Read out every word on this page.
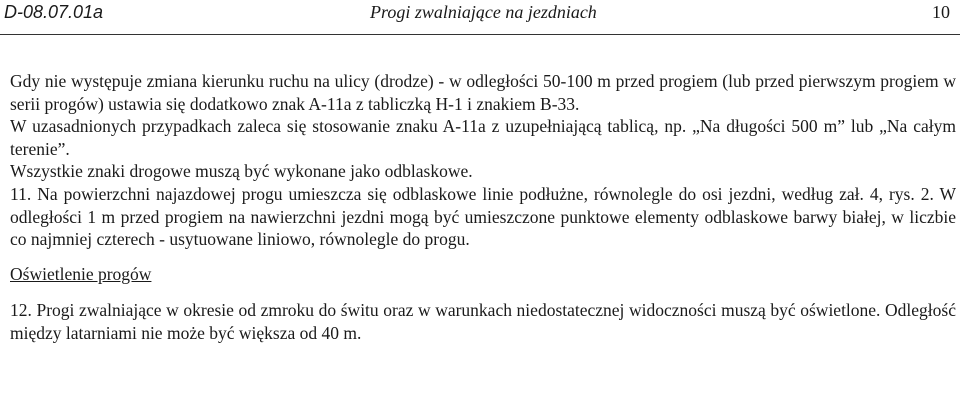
D-08.07.01a	Progi zwalniające na jezdniach	10

Gdy nie występuje zmiana kierunku ruchu na ulicy (drodze) - w odległości 50-100 m przed progiem (lub przed pierwszym progiem w serii progów) ustawia się dodatkowo znak A-11a z tabliczką H-1 i znakiem B-33.

W uzasadnionych przypadkach zaleca się stosowanie znaku A-11a z uzupełniającą tablicą, np. „Na długości 500 m” lub „Na całym terenie”.

Wszystkie znaki drogowe muszą być wykonane jako odblaskowe.

11. Na powierzchni najazdowej progu umieszcza się odblaskowe linie podłużne, równolegle do osi jezdni, według zał. 4, rys. 2. W odległości 1 m przed progiem na nawierzchni jezdni mogą być umieszczone punktowe elementy odblaskowe barwy białej, w liczbie co najmniej czterech - usytuowane liniowo, równolegle do progu.

Oświetlenie progów

12. Progi zwalniające w okresie od zmroku do świtu oraz w warunkach niedostatecznej widoczności muszą być oświetlone. Odległość między latarniami nie może być większa od 40 m.
